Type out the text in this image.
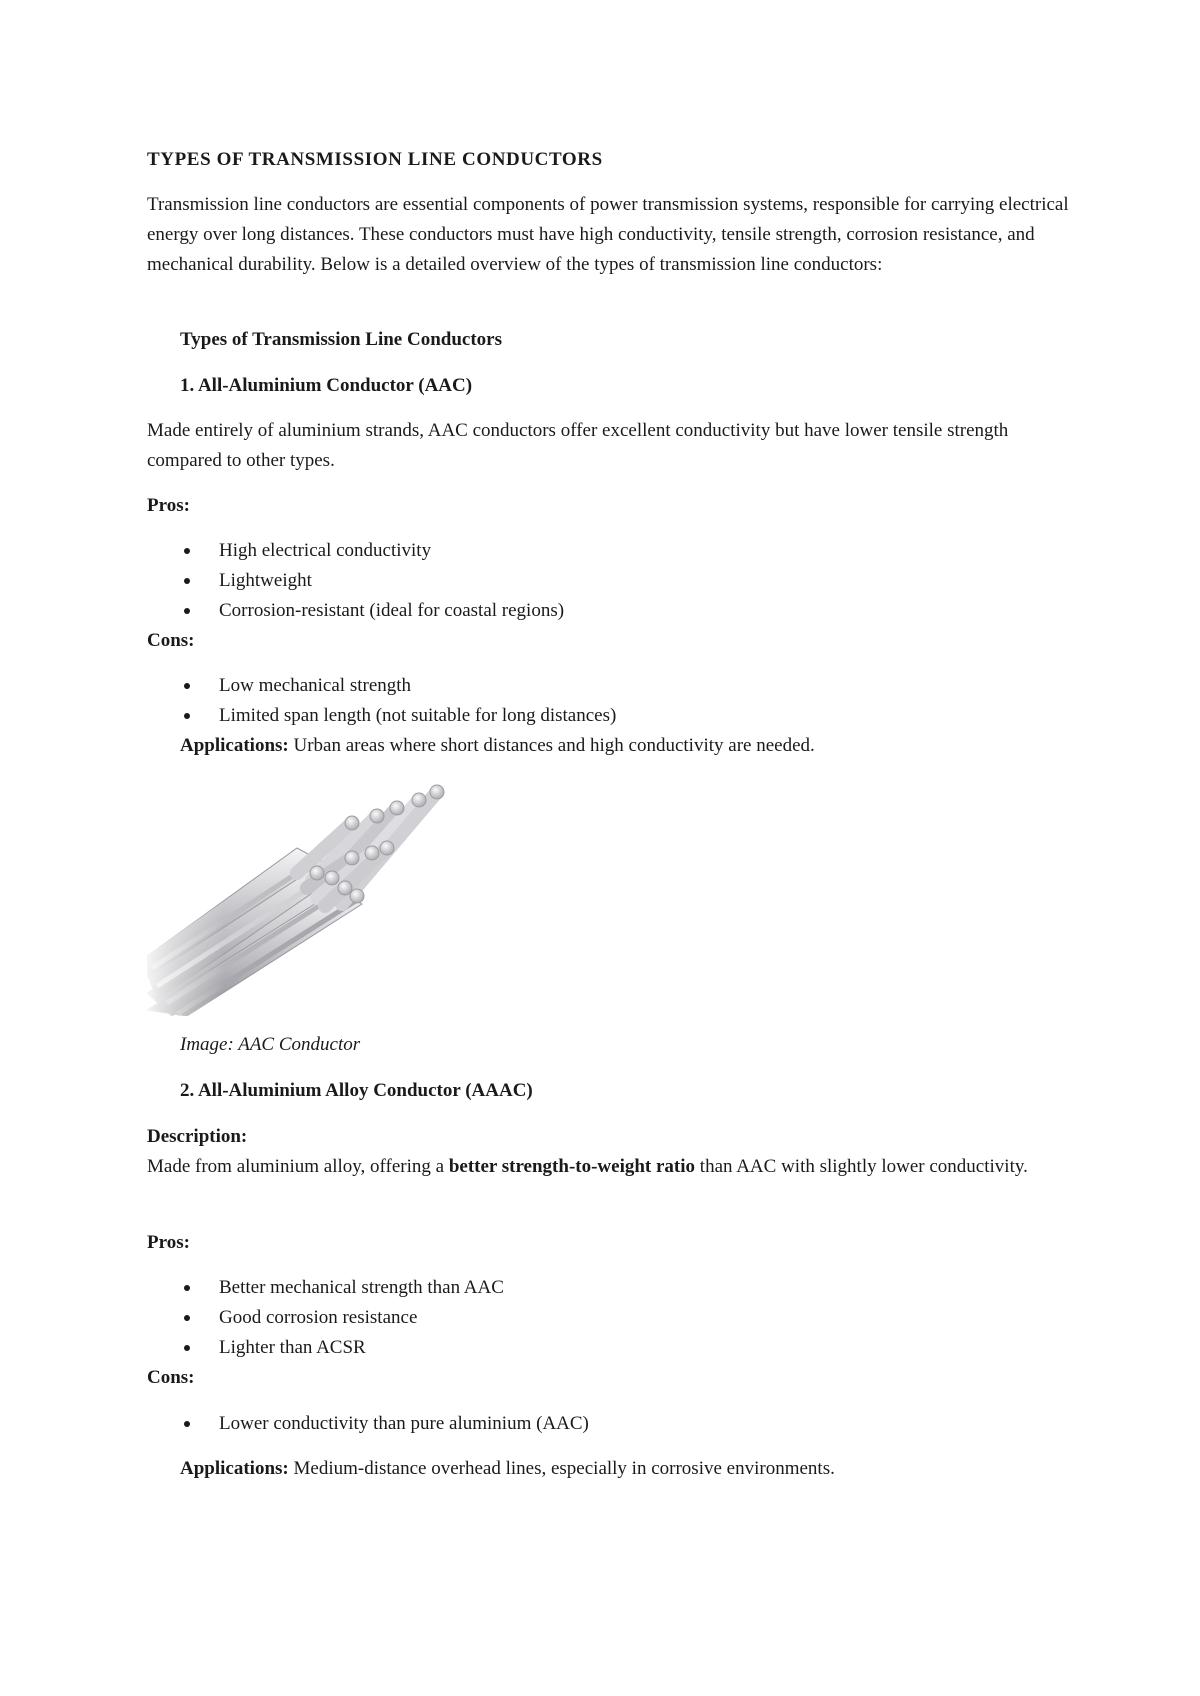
TYPES OF TRANSMISSION LINE CONDUCTORS

Transmission line conductors are essential components of power transmission systems, responsible for carrying electrical energy over long distances. These conductors must have high conductivity, tensile strength, corrosion resistance, and mechanical durability. Below is a detailed overview of the types of transmission line conductors:

Types of Transmission Line Conductors

1. All-Aluminium Conductor (AAC)

Made entirely of aluminium strands, AAC conductors offer excellent conductivity but have lower tensile strength compared to other types.

Pros:

High electrical conductivity
Lightweight
Corrosion-resistant (ideal for coastal regions)

Cons:

Low mechanical strength
Limited span length (not suitable for long distances)

Applications: Urban areas where short distances and high conductivity are needed.

Image: AAC Conductor

2. All-Aluminium Alloy Conductor (AAAC)

Description:

Made from aluminium alloy, offering a better strength-to-weight ratio than AAC with slightly lower conductivity.

Pros:

Better mechanical strength than AAC
Good corrosion resistance
Lighter than ACSR

Cons:

Lower conductivity than pure aluminium (AAC)

Applications: Medium-distance overhead lines, especially in corrosive environments.
